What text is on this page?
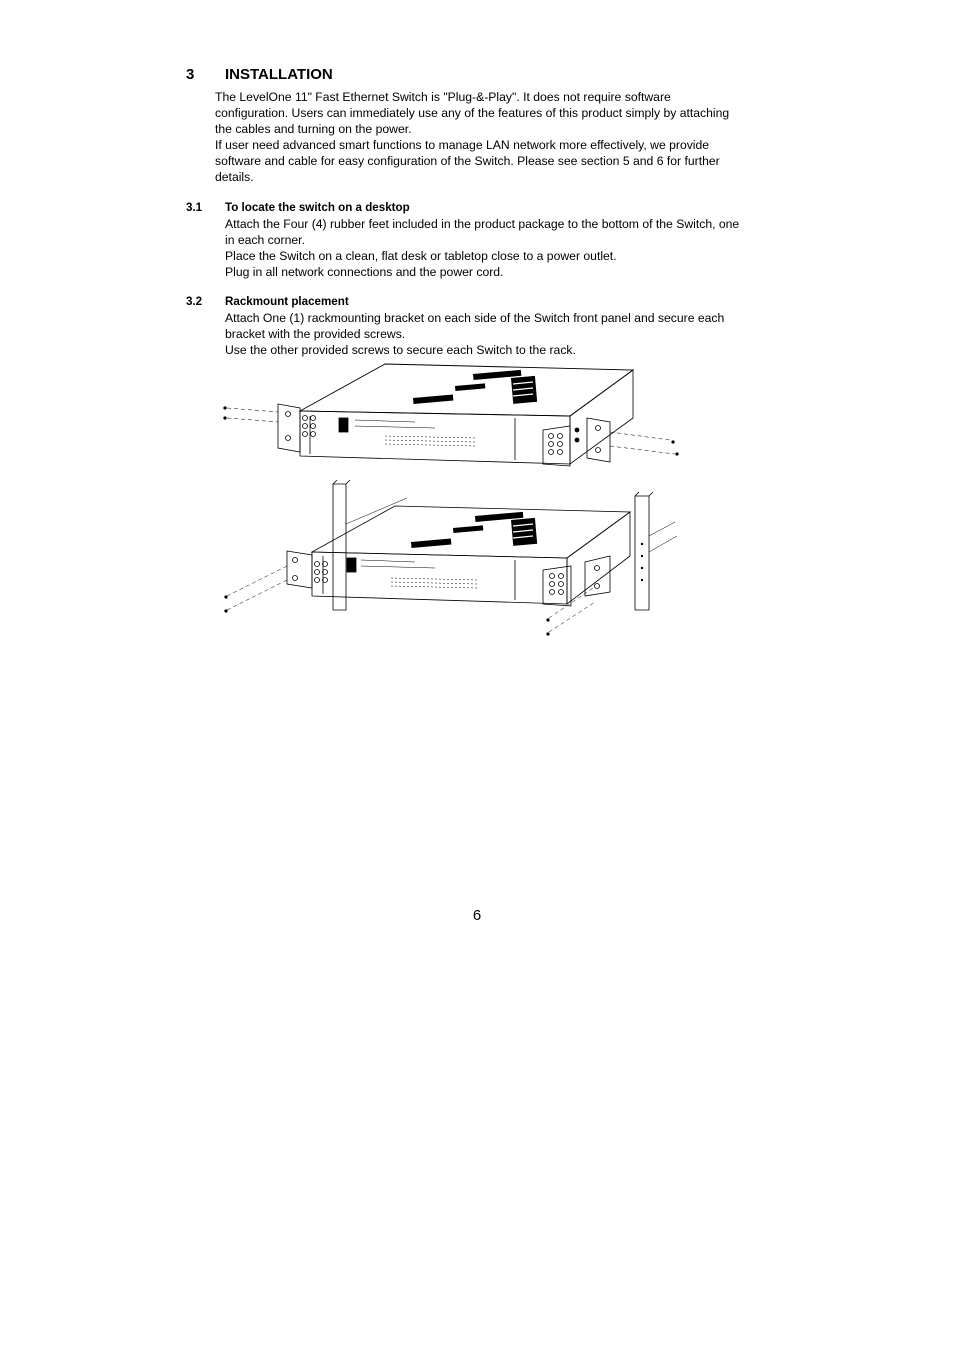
3 INSTALLATION

The LevelOne 11" Fast Ethernet Switch is "Plug-&-Play". It does not require software

configuration. Users can immediately use any of the features of this product simply by attaching

the cables and turning on the power.

If user need advanced smart functions to manage LAN network more effectively, we provide

software and cable for easy configuration of the Switch. Please see section 5 and 6 for further

details.

3.1 To locate the switch on a desktop

Attach the Four (4) rubber feet included in the product package to the bottom of the Switch, one

in each corner.

Place the Switch on a clean, flat desk or tabletop close to a power outlet.

Plug in all network connections and the power cord.

3.2 Rackmount placement

Attach One (1) rackmounting bracket on each side of the Switch front panel and secure each

bracket with the provided screws.

Use the other provided screws to secure each Switch to the rack.

6
